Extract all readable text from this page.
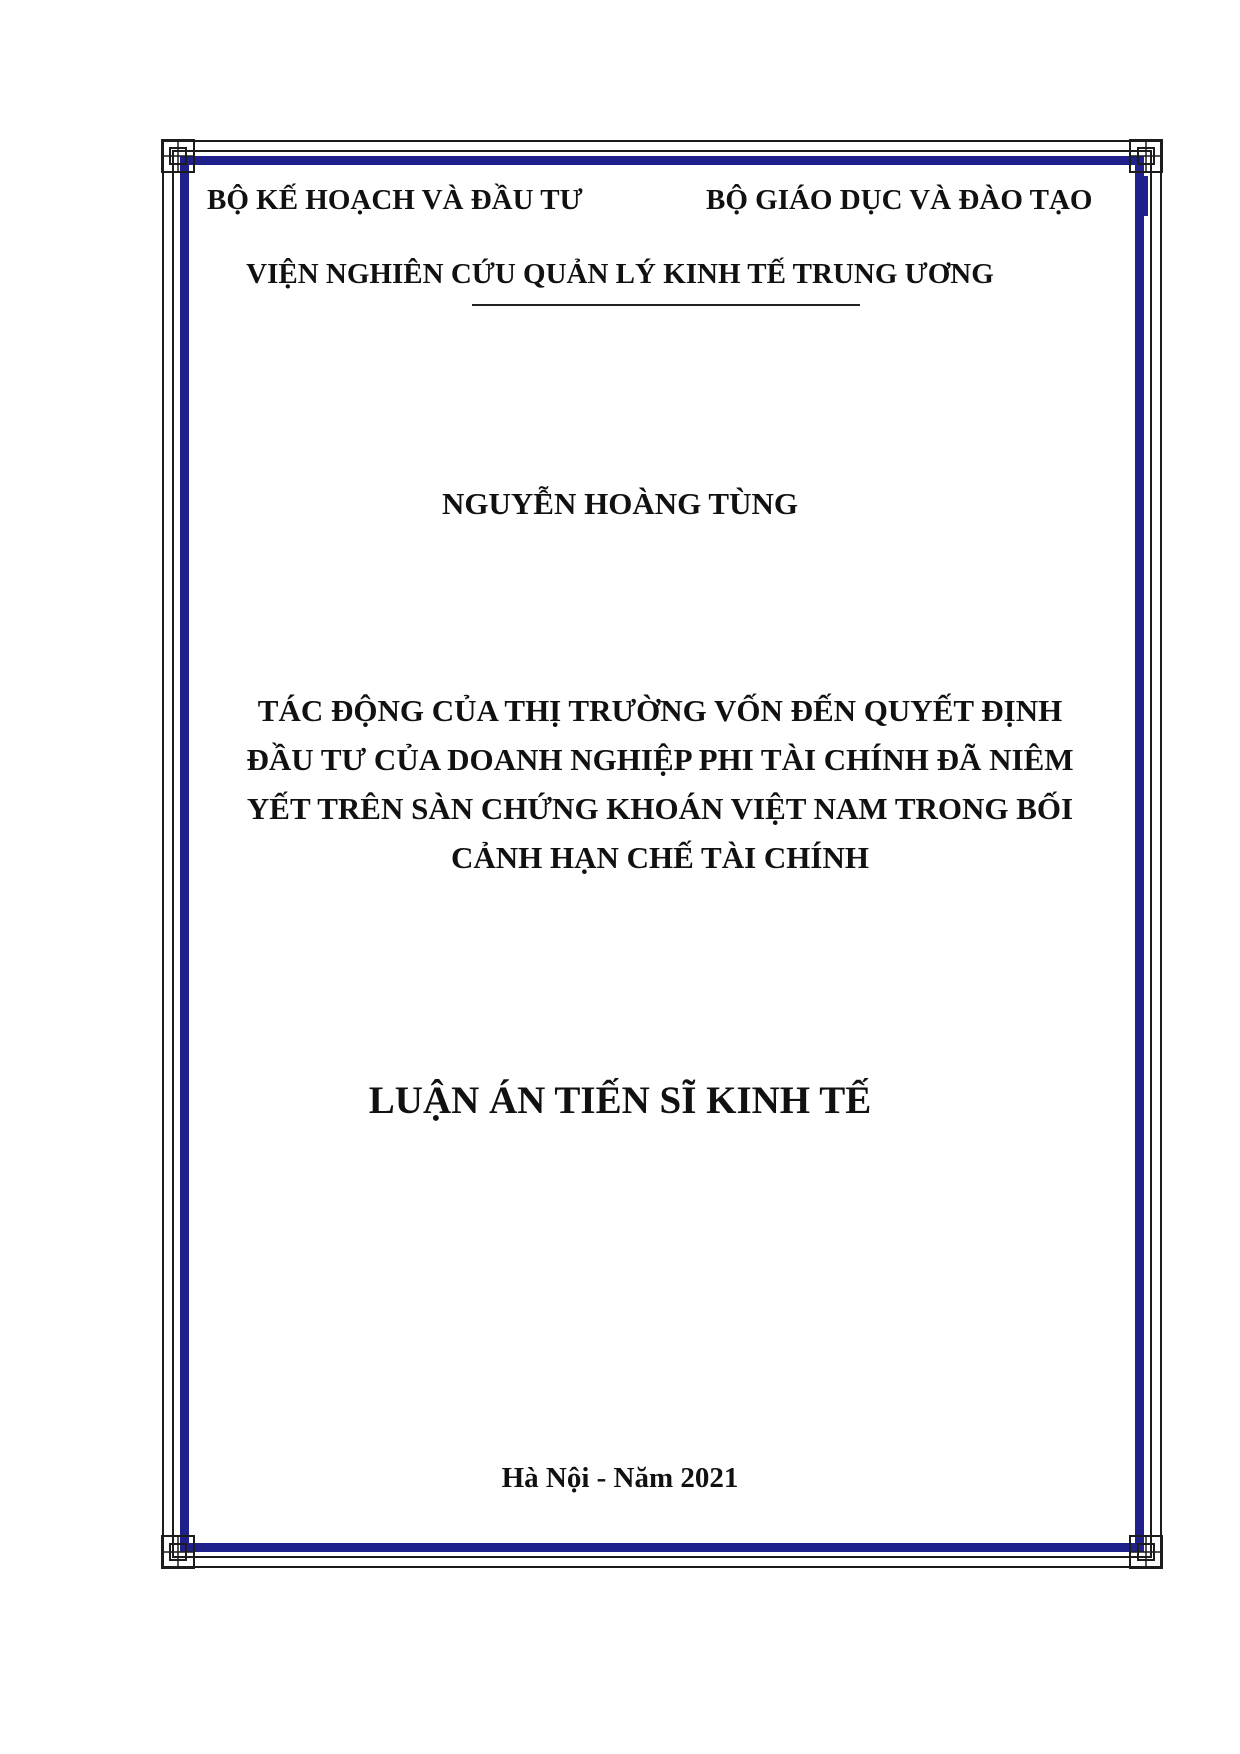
BỘ KẾ HOẠCH VÀ ĐẦU TƯ	BỘ GIÁO DỤC VÀ ĐÀO TẠO
VIỆN NGHIÊN CỨU QUẢN LÝ KINH TẾ TRUNG ƯƠNG
NGUYỄN HOÀNG TÙNG
TÁC ĐỘNG CỦA THỊ TRƯỜNG VỐN ĐẾN QUYẾT ĐỊNH
ĐẦU TƯ CỦA DOANH NGHIỆP PHI TÀI CHÍNH ĐÃ NIÊM
YẾT TRÊN SÀN CHỨNG KHOÁN VIỆT NAM TRONG BỐI
CẢNH HẠN CHẾ TÀI CHÍNH
LUẬN ÁN TIẾN SĨ KINH TẾ
Hà Nội - Năm 2021
